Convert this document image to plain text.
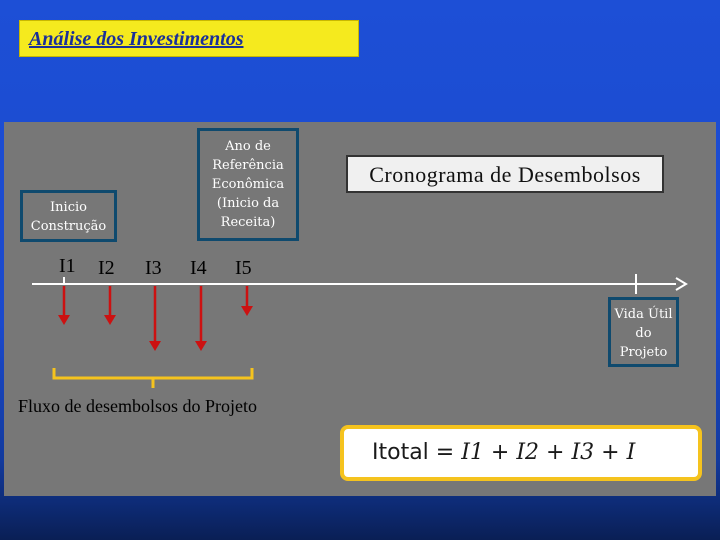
Análise dos Investimentos
Inicio Construção
Ano de Referência Econômica (Inicio da Receita)
Cronograma de Desembolsos
Vida Útil do Projeto
I1 I2 I3 I4 I5
Fluxo de desembolsos do Projeto
Itotal = I1 + I2 + I3 + I
